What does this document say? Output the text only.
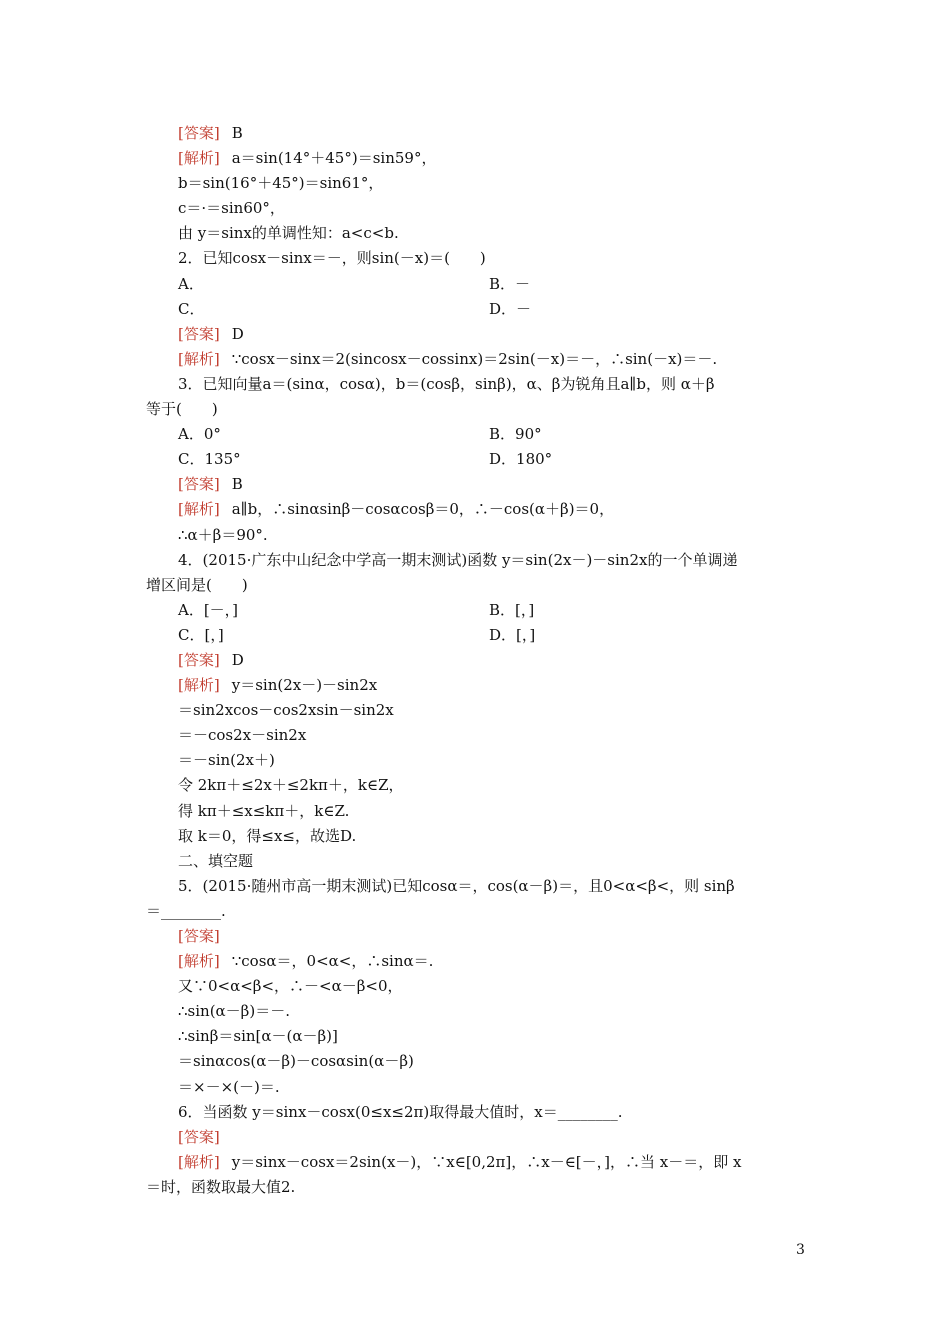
[答案] B
[解析] a＝sin(14°＋45°)＝sin59°，
b＝sin(16°＋45°)＝sin61°，
c＝·＝sin60°，
由 y＝sinx的单调性知：a<c<b.
2．已知cosx－sinx＝－，则sin(－x)＝(　　)
A．	B．－
C．	D．－
[答案] D
[解析] ∵cosx－sinx＝2(sincosx－cossinx)＝2sin(－x)＝－，∴sin(－x)＝－.
3．已知向量a＝(sinα，cosα)，b＝(cosβ，sinβ)，α、β为锐角且a∥b，则 α＋β
等于(　　)
A．0°	B．90°
C．135°	D．180°
[答案] B
[解析] a∥b，∴sinαsinβ－cosαcosβ＝0，∴－cos(α＋β)＝0，
∴α＋β＝90°.
4．(2015·广东中山纪念中学高一期末测试)函数 y＝sin(2x－)－sin2x的一个单调递
增区间是(　　)
A．[－，]	B．[，]
C．[，]	D．[，]
[答案] D
[解析] y＝sin(2x－)－sin2x
＝sin2xcos－cos2xsin－sin2x
＝－cos2x－sin2x
＝－sin(2x＋)
令 2kπ＋≤2x＋≤2kπ＋，k∈Z，
得 kπ＋≤x≤kπ＋，k∈Z.
取 k＝0，得≤x≤，故选D.
二、填空题
5．(2015·随州市高一期末测试)已知cosα＝，cos(α－β)＝，且0<α<β<，则 sinβ
＝________.
[答案]
[解析] ∵cosα＝，0<α<，∴sinα＝.
又∵0<α<β<，∴－<α－β<0，
∴sin(α－β)＝－.
∴sinβ＝sin[α－(α－β)]
＝sinαcos(α－β)－cosαsin(α－β)
＝×－×(－)＝.
6．当函数 y＝sinx－cosx(0≤x≤2π)取得最大值时，x＝________.
[答案]
[解析] y＝sinx－cosx＝2sin(x－)，∵x∈[0,2π]，∴x－∈[－，]，∴当 x－＝，即 x
＝时，函数取最大值2.
3
